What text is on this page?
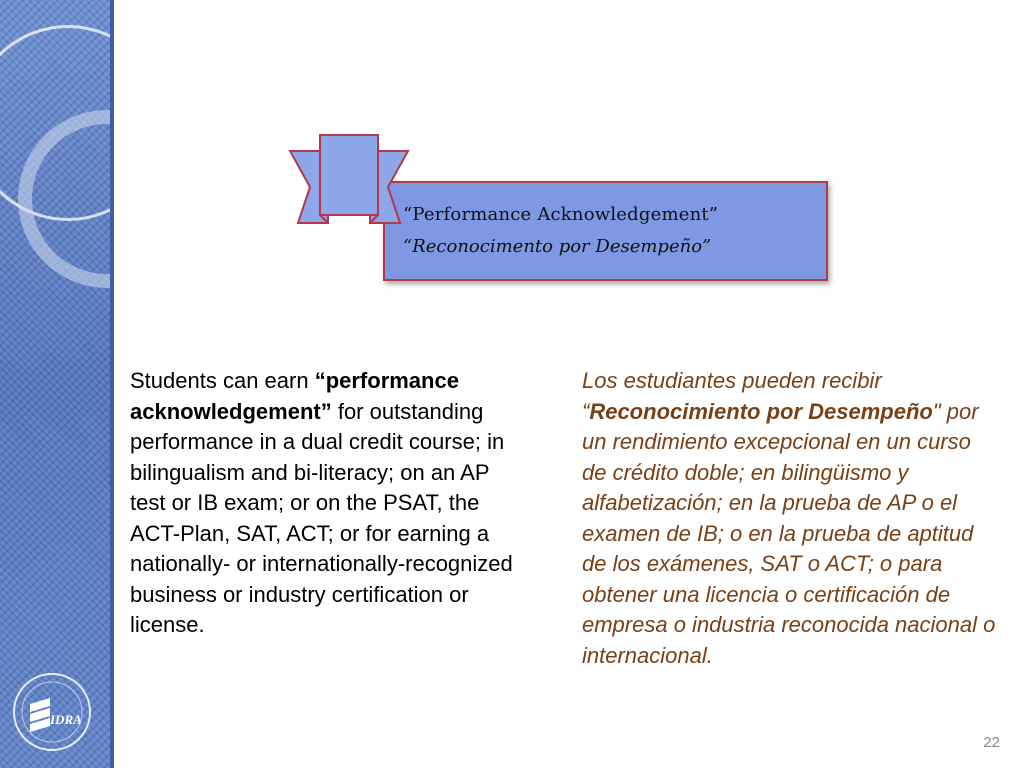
IDRA
“Performance Acknowledgement”
“Reconocimento por Desempeño”
Students can earn “performance acknowledgement” for outstanding performance in a dual credit course; in bilingualism and bi-literacy; on an AP test or IB exam; or on the PSAT, the ACT-Plan, SAT, ACT; or for earning a nationally- or internationally-recognized business or industry certification or license.
Los estudiantes pueden recibir “Reconocimiento por Desempeño" por un rendimiento excepcional en un curso de crédito doble; en bilingüismo y alfabetización; en la prueba de AP o el examen de IB; o en la prueba de aptitud de los exámenes, SAT o ACT; o para obtener una licencia o certificación de empresa o industria reconocida nacional o internacional.
22
